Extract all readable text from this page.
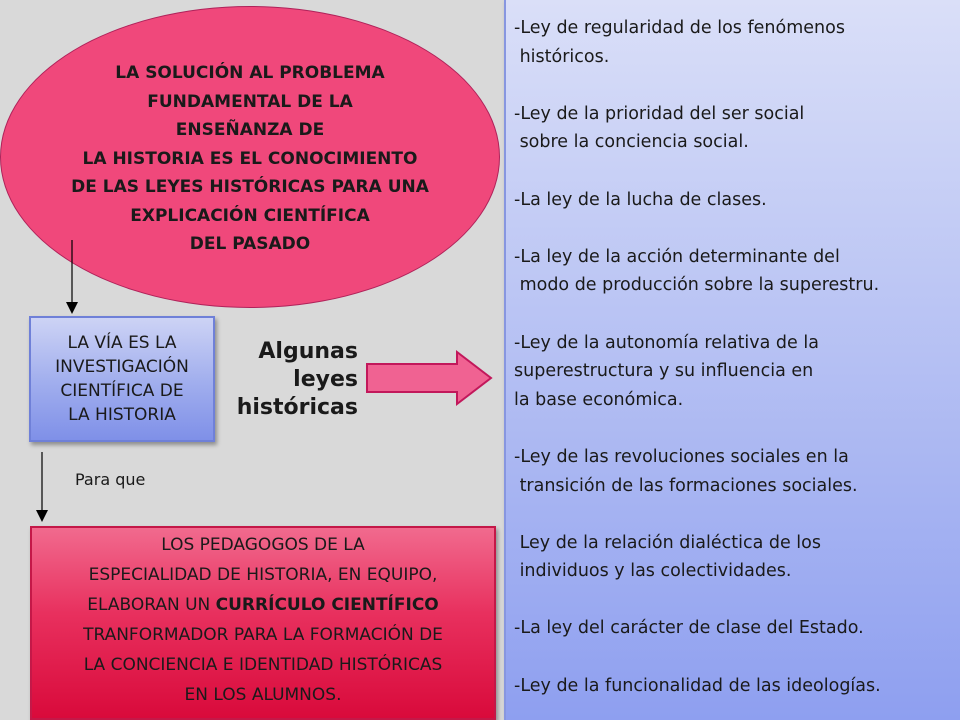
LA SOLUCIÓN AL PROBLEMA
FUNDAMENTAL DE LA
ENSEÑANZA DE
LA HISTORIA ES EL CONOCIMIENTO
DE LAS LEYES HISTÓRICAS PARA UNA
EXPLICACIÓN CIENTÍFICA
DEL PASADO
LA VÍA ES LA
INVESTIGACIÓN
CIENTÍFICA DE
LA HISTORIA
Algunas
leyes
históricas
Para que
LOS PEDAGOGOS DE LA
ESPECIALIDAD DE HISTORIA, EN EQUIPO,
ELABORAN UN CURRÍCULO CIENTÍFICO
TRANFORMADOR PARA LA FORMACIÓN DE
LA CONCIENCIA E IDENTIDAD HISTÓRICAS
EN LOS ALUMNOS.
-Ley de regularidad de los fenómenos
históricos.
-Ley de la prioridad del ser social
sobre la conciencia social.
-La ley de la lucha de clases.
-La ley de la acción determinante del
modo de producción sobre la superestru.
-Ley de la autonomía relativa de la
superestructura y su influencia en
la base económica.
-Ley de las revoluciones sociales en la
transición de las formaciones sociales.
Ley de la relación dialéctica de los
individuos y las colectividades.
-La ley del carácter de clase del Estado.
-Ley de la funcionalidad de las ideologías.
